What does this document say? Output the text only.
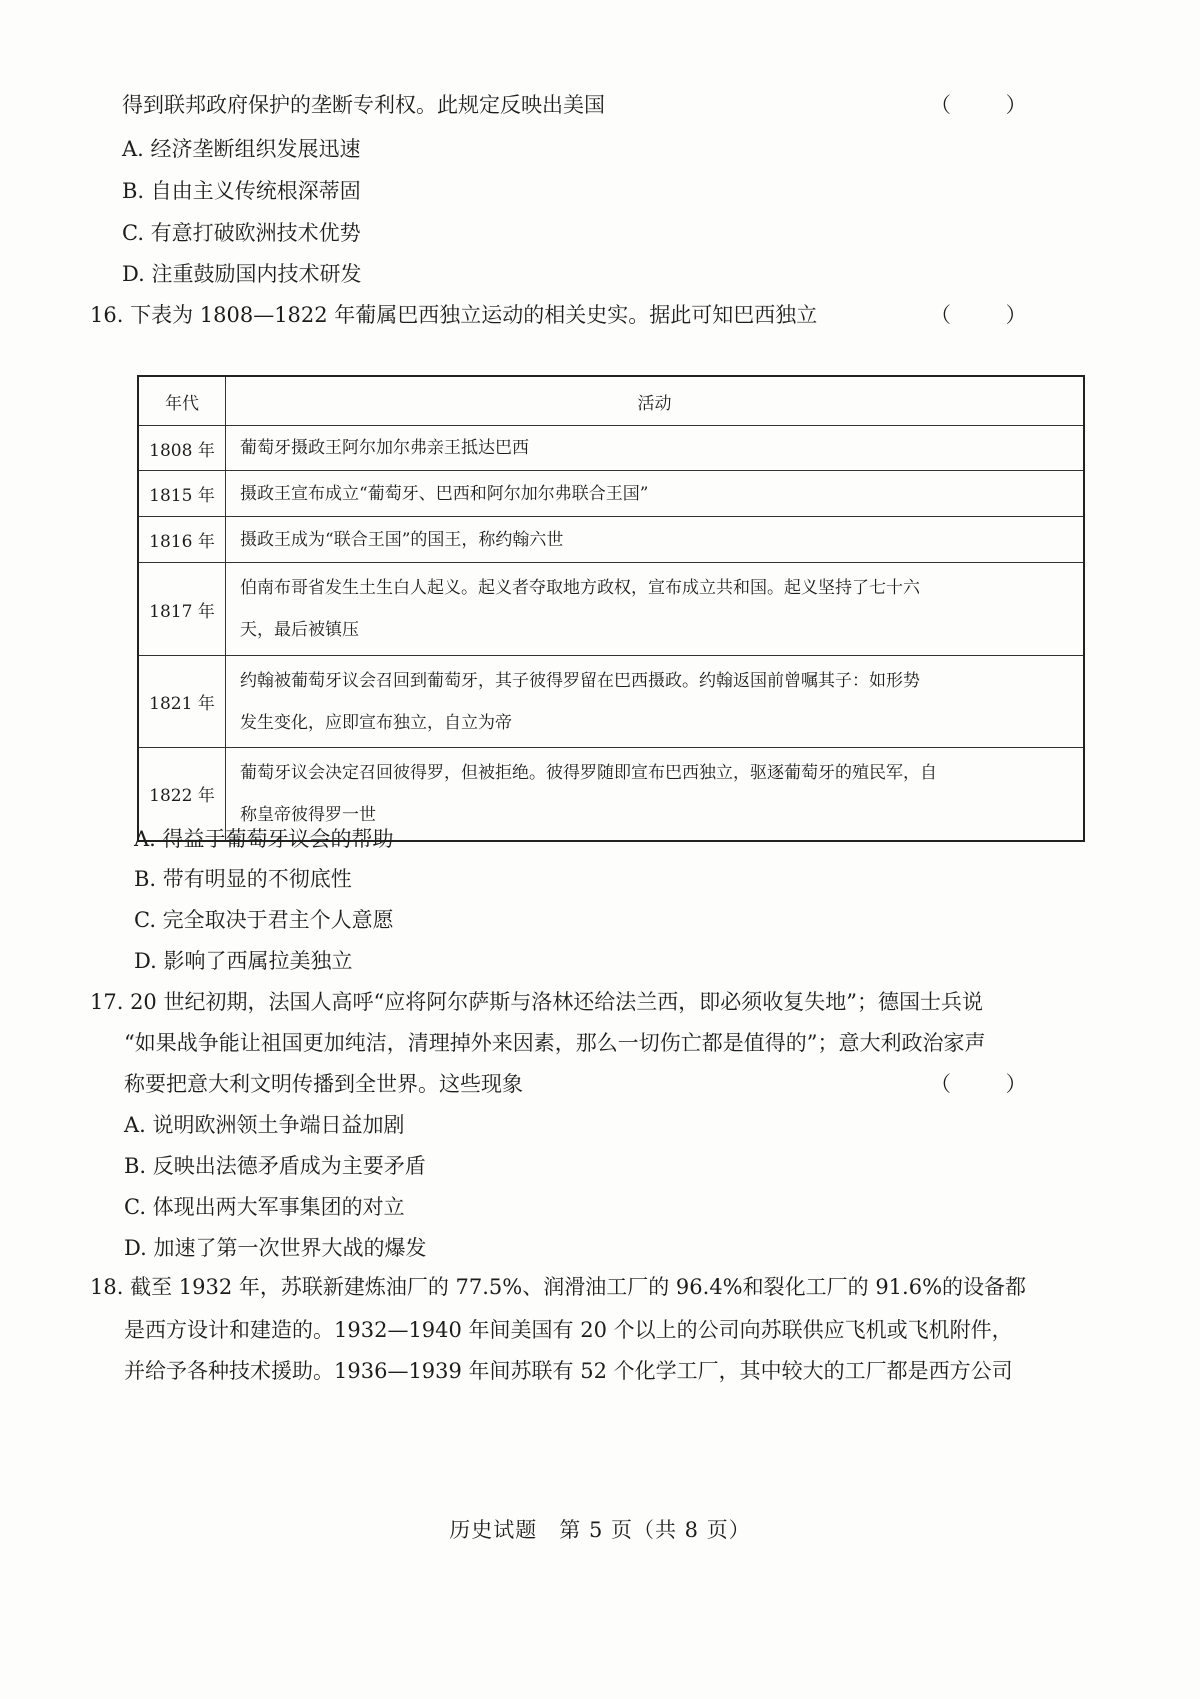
得到联邦政府保护的垄断专利权。此规定反映出美国	（ ）
A. 经济垄断组织发展迅速
B. 自由主义传统根深蒂固
C. 有意打破欧洲技术优势
D. 注重鼓励国内技术研发
16. 下表为 1808—1822 年葡属巴西独立运动的相关史实。据此可知巴西独立	（ ）
年代	活动
1808 年	葡萄牙摄政王阿尔加尔弗亲王抵达巴西

1815 年	摄政王宣布成立“葡萄牙、巴西和阿尔加尔弗联合王国”

1816 年	摄政王成为“联合王国”的国王，称约翰六世

1817 年	伯南布哥省发生土生白人起义。起义者夺取地方政权，宣布成立共和国。起义坚持了七十六
天，最后被镇压

1821 年	约翰被葡萄牙议会召回到葡萄牙，其子彼得罗留在巴西摄政。约翰返国前曾嘱其子：如形势
发生变化，应即宣布独立，自立为帝

1822 年	葡萄牙议会决定召回彼得罗，但被拒绝。彼得罗随即宣布巴西独立，驱逐葡萄牙的殖民军，自
称皇帝彼得罗一世
A. 得益于葡萄牙议会的帮助
B. 带有明显的不彻底性
C. 完全取决于君主个人意愿
D. 影响了西属拉美独立
17. 20 世纪初期，法国人高呼“应将阿尔萨斯与洛林还给法兰西，即必须收复失地”；德国士兵说
“如果战争能让祖国更加纯洁，清理掉外来因素，那么一切伤亡都是值得的”；意大利政治家声
称要把意大利文明传播到全世界。这些现象	（ ）
A. 说明欧洲领土争端日益加剧
B. 反映出法德矛盾成为主要矛盾
C. 体现出两大军事集团的对立
D. 加速了第一次世界大战的爆发
18. 截至 1932 年，苏联新建炼油厂的 77.5%、润滑油工厂的 96.4%和裂化工厂的 91.6%的设备都
是西方设计和建造的。1932—1940 年间美国有 20 个以上的公司向苏联供应飞机或飞机附件，
并给予各种技术援助。1936—1939 年间苏联有 52 个化学工厂，其中较大的工厂都是西方公司
历史试题　第 5 页（共 8 页）
